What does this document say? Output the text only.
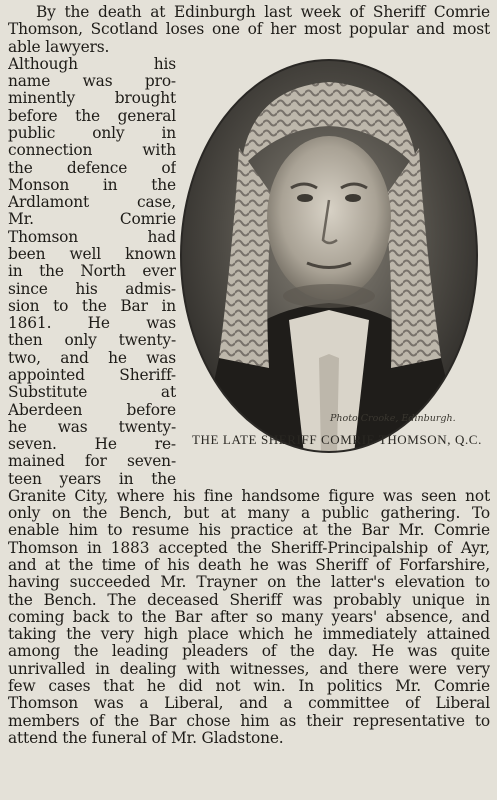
By the death at Edinburgh last week of Sheriff Comrie
Thomson, Scotland loses one of her most popular and most
able lawyers.
Although his
name was pro-
minently brought
before the general
public only in
connection with
the defence of
Monson in the
Ardlamont case,
Mr. Comrie
Thomson had
been well known
in the North ever
since his admis-
sion to the Bar in
1861. He was
then only twenty-
two, and he was
appointed Sheriff-
Substitute at
Aberdeen before
he was twenty-
seven. He re-
mained for seven-
teen years in the
Photo Crooke, Edinburgh.
THE LATE SHERIFF COMRIE THOMSON, Q.C.
Granite City, where his fine handsome figure was seen not
only on the Bench, but at many a public gathering. To
enable him to resume his practice at the Bar Mr. Comrie
Thomson in 1883 accepted the Sheriff-Principalship of Ayr,
and at the time of his death he was Sheriff of Forfarshire,
having succeeded Mr. Trayner on the latter's elevation to
the Bench. The deceased Sheriff was probably unique in
coming back to the Bar after so many years' absence, and
taking the very high place which he immediately attained
among the leading pleaders of the day. He was quite
unrivalled in dealing with witnesses, and there were very
few cases that he did not win. In politics Mr. Comrie
Thomson was a Liberal, and a committee of Liberal
members of the Bar chose him as their representative to
attend the funeral of Mr. Gladstone.
